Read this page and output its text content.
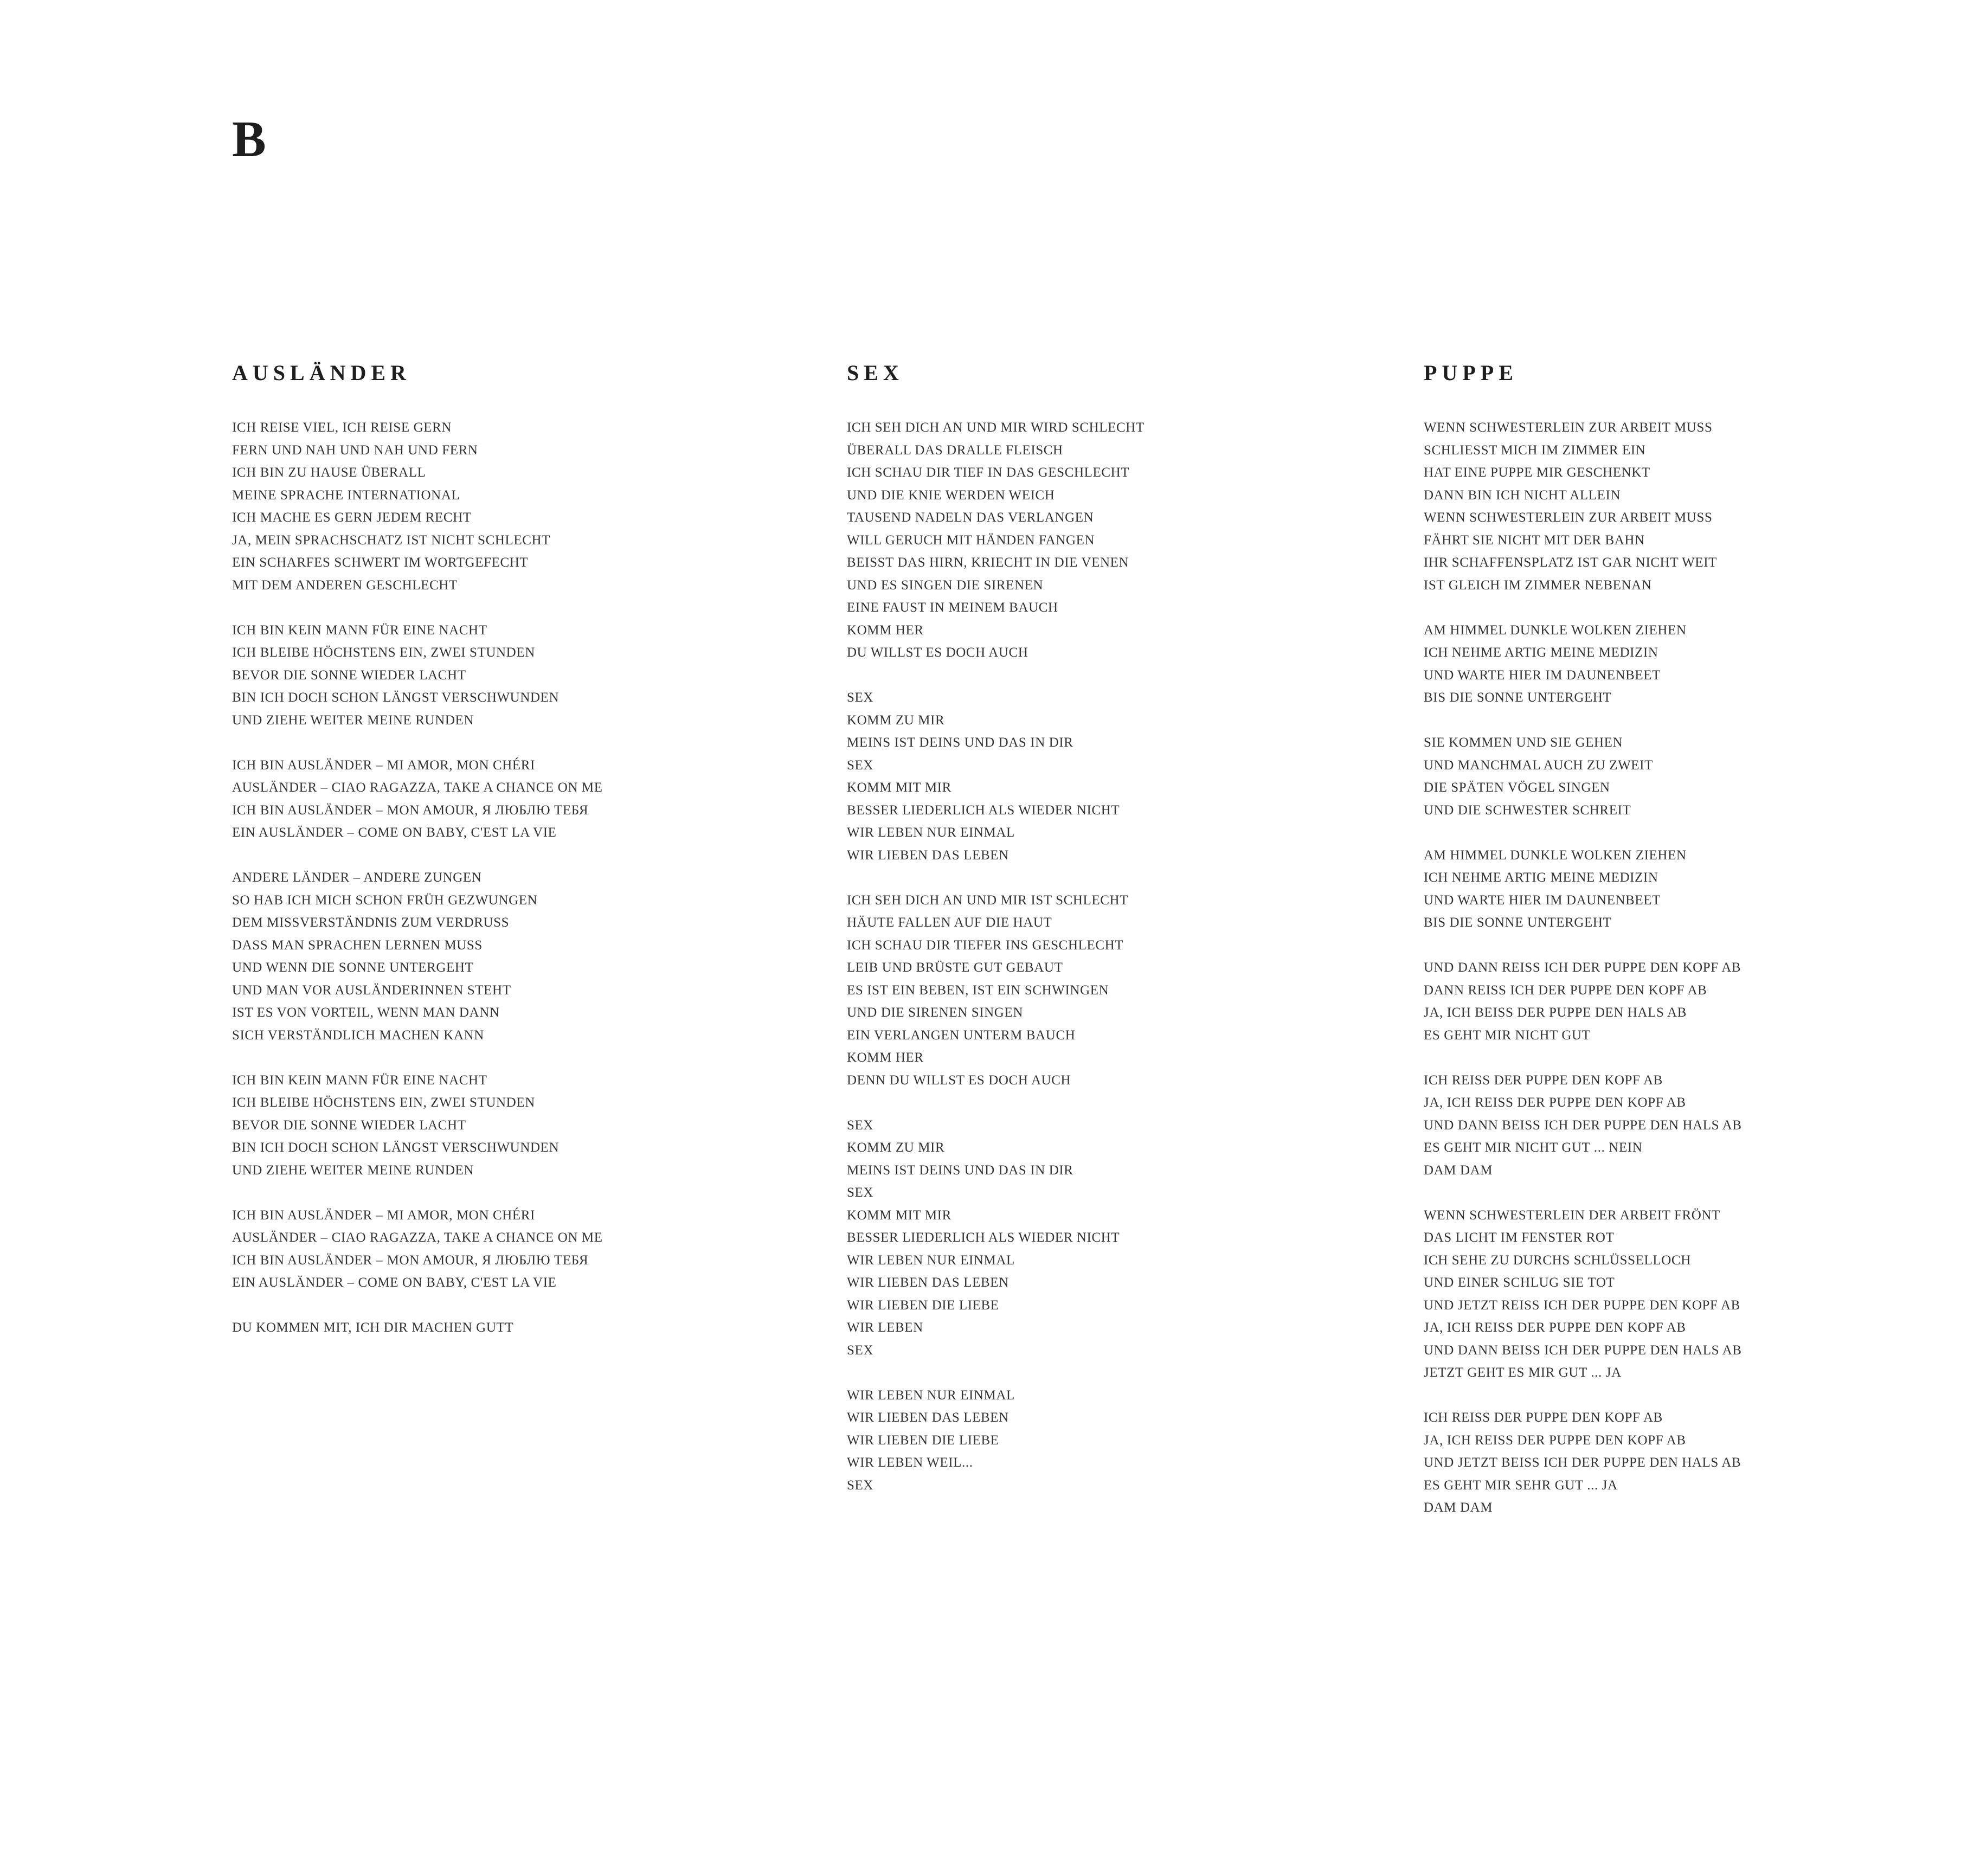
B
AUSLÄNDER
ICH REISE VIEL, ICH REISE GERN
FERN UND NAH UND NAH UND FERN
ICH BIN ZU HAUSE ÜBERALL
MEINE SPRACHE INTERNATIONAL
ICH MACHE ES GERN JEDEM RECHT
JA, MEIN SPRACHSCHATZ IST NICHT SCHLECHT
EIN SCHARFES SCHWERT IM WORTGEFECHT
MIT DEM ANDEREN GESCHLECHT
ICH BIN KEIN MANN FÜR EINE NACHT
ICH BLEIBE HÖCHSTENS EIN, ZWEI STUNDEN
BEVOR DIE SONNE WIEDER LACHT
BIN ICH DOCH SCHON LÄNGST VERSCHWUNDEN
UND ZIEHE WEITER MEINE RUNDEN
ICH BIN AUSLÄNDER – MI AMOR, MON CHÉRI
AUSLÄNDER – CIAO RAGAZZA, TAKE A CHANCE ON ME
ICH BIN AUSLÄNDER – MON AMOUR, Я ЛЮБЛЮ ТЕБЯ
EIN AUSLÄNDER – COME ON BABY, C'EST LA VIE
ANDERE LÄNDER – ANDERE ZUNGEN
SO HAB ICH MICH SCHON FRÜH GEZWUNGEN
DEM MISSVERSTÄNDNIS ZUM VERDRUSS
DASS MAN SPRACHEN LERNEN MUSS
UND WENN DIE SONNE UNTERGEHT
UND MAN VOR AUSLÄNDERINNEN STEHT
IST ES VON VORTEIL, WENN MAN DANN
SICH VERSTÄNDLICH MACHEN KANN
ICH BIN KEIN MANN FÜR EINE NACHT
ICH BLEIBE HÖCHSTENS EIN, ZWEI STUNDEN
BEVOR DIE SONNE WIEDER LACHT
BIN ICH DOCH SCHON LÄNGST VERSCHWUNDEN
UND ZIEHE WEITER MEINE RUNDEN
ICH BIN AUSLÄNDER – MI AMOR, MON CHÉRI
AUSLÄNDER – CIAO RAGAZZA, TAKE A CHANCE ON ME
ICH BIN AUSLÄNDER – MON AMOUR, Я ЛЮБЛЮ ТЕБЯ
EIN AUSLÄNDER – COME ON BABY, C'EST LA VIE
DU KOMMEN MIT, ICH DIR MACHEN GUTT
SEX
ICH SEH DICH AN UND MIR WIRD SCHLECHT
ÜBERALL DAS DRALLE FLEISCH
ICH SCHAU DIR TIEF IN DAS GESCHLECHT
UND DIE KNIE WERDEN WEICH
TAUSEND NADELN DAS VERLANGEN
WILL GERUCH MIT HÄNDEN FANGEN
BEISST DAS HIRN, KRIECHT IN DIE VENEN
UND ES SINGEN DIE SIRENEN
EINE FAUST IN MEINEM BAUCH
KOMM HER
DU WILLST ES DOCH AUCH
SEX
KOMM ZU MIR
MEINS IST DEINS UND DAS IN DIR
SEX
KOMM MIT MIR
BESSER LIEDERLICH ALS WIEDER NICHT
WIR LEBEN NUR EINMAL
WIR LIEBEN DAS LEBEN
ICH SEH DICH AN UND MIR IST SCHLECHT
HÄUTE FALLEN AUF DIE HAUT
ICH SCHAU DIR TIEFER INS GESCHLECHT
LEIB UND BRÜSTE GUT GEBAUT
ES IST EIN BEBEN, IST EIN SCHWINGEN
UND DIE SIRENEN SINGEN
EIN VERLANGEN UNTERM BAUCH
KOMM HER
DENN DU WILLST ES DOCH AUCH
SEX
KOMM ZU MIR
MEINS IST DEINS UND DAS IN DIR
SEX
KOMM MIT MIR
BESSER LIEDERLICH ALS WIEDER NICHT
WIR LEBEN NUR EINMAL
WIR LIEBEN DAS LEBEN
WIR LIEBEN DIE LIEBE
WIR LEBEN
SEX
WIR LEBEN NUR EINMAL
WIR LIEBEN DAS LEBEN
WIR LIEBEN DIE LIEBE
WIR LEBEN WEIL...
SEX
PUPPE
WENN SCHWESTERLEIN ZUR ARBEIT MUSS
SCHLIESST MICH IM ZIMMER EIN
HAT EINE PUPPE MIR GESCHENKT
DANN BIN ICH NICHT ALLEIN
WENN SCHWESTERLEIN ZUR ARBEIT MUSS
FÄHRT SIE NICHT MIT DER BAHN
IHR SCHAFFENSPLATZ IST GAR NICHT WEIT
IST GLEICH IM ZIMMER NEBENAN
AM HIMMEL DUNKLE WOLKEN ZIEHEN
ICH NEHME ARTIG MEINE MEDIZIN
UND WARTE HIER IM DAUNENBEET
BIS DIE SONNE UNTERGEHT
SIE KOMMEN UND SIE GEHEN
UND MANCHMAL AUCH ZU ZWEIT
DIE SPÄTEN VÖGEL SINGEN
UND DIE SCHWESTER SCHREIT
AM HIMMEL DUNKLE WOLKEN ZIEHEN
ICH NEHME ARTIG MEINE MEDIZIN
UND WARTE HIER IM DAUNENBEET
BIS DIE SONNE UNTERGEHT
UND DANN REISS ICH DER PUPPE DEN KOPF AB
DANN REISS ICH DER PUPPE DEN KOPF AB
JA, ICH BEISS DER PUPPE DEN HALS AB
ES GEHT MIR NICHT GUT
ICH REISS DER PUPPE DEN KOPF AB
JA, ICH REISS DER PUPPE DEN KOPF AB
UND DANN BEISS ICH DER PUPPE DEN HALS AB
ES GEHT MIR NICHT GUT ... NEIN
DAM DAM
WENN SCHWESTERLEIN DER ARBEIT FRÖNT
DAS LICHT IM FENSTER ROT
ICH SEHE ZU DURCHS SCHLÜSSELLOCH
UND EINER SCHLUG SIE TOT
UND JETZT REISS ICH DER PUPPE DEN KOPF AB
JA, ICH REISS DER PUPPE DEN KOPF AB
UND DANN BEISS ICH DER PUPPE DEN HALS AB
JETZT GEHT ES MIR GUT ... JA
ICH REISS DER PUPPE DEN KOPF AB
JA, ICH REISS DER PUPPE DEN KOPF AB
UND JETZT BEISS ICH DER PUPPE DEN HALS AB
ES GEHT MIR SEHR GUT ... JA
DAM DAM
